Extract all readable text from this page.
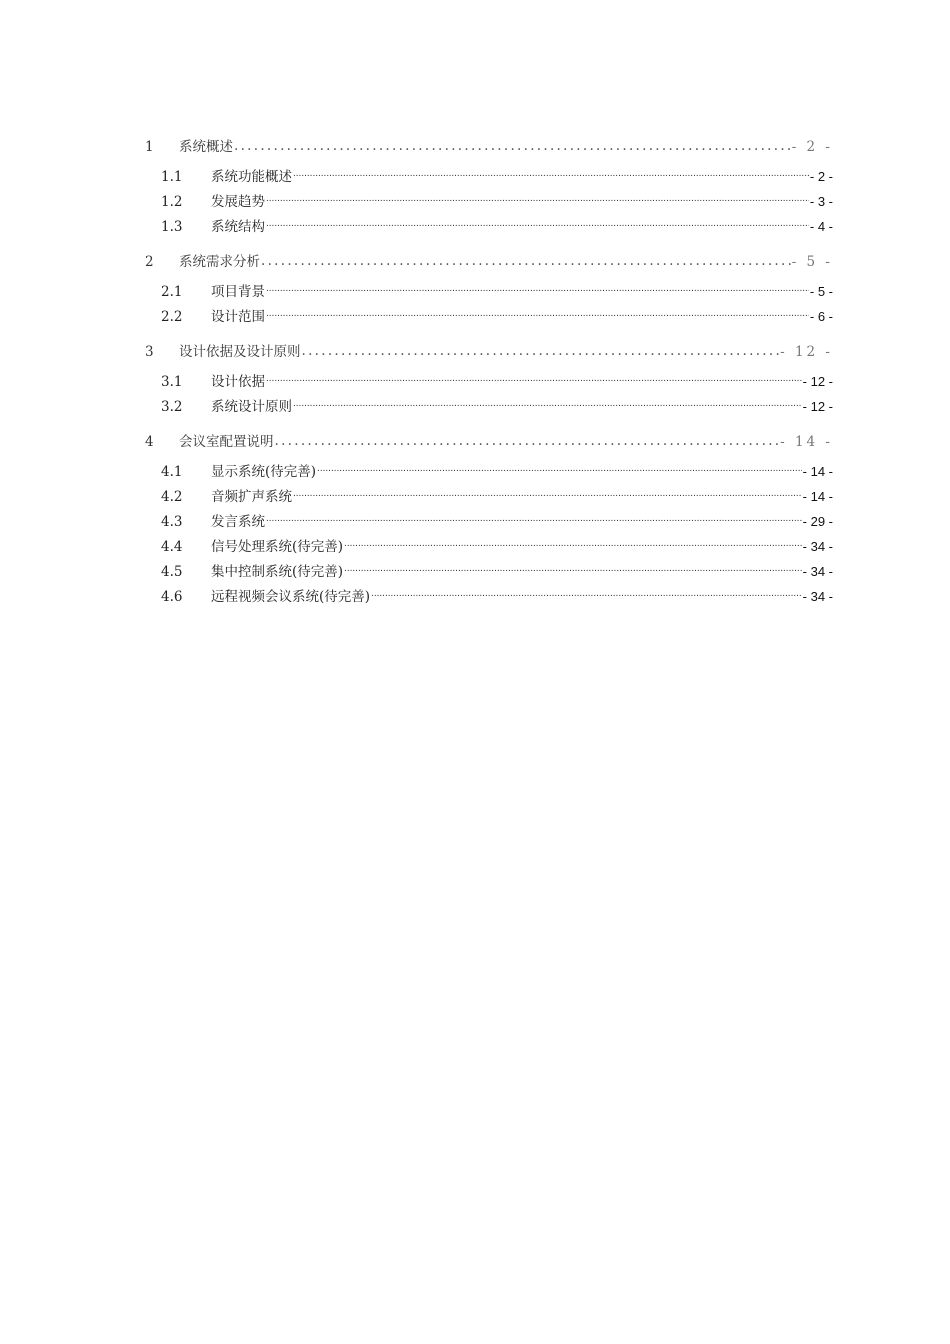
1	系统概述 . . .	- 2 -
1.1	系统功能概述 .....	- 2 -
1.2	发展趋势 .....	- 3 -
1.3	系统结构 .....	- 4 -
2	系统需求分析 . . .	- 5 -
2.1	项目背景 .....	- 5 -
2.2	设计范围 .....	- 6 -
3	设计依据及设计原则 . . .	- 12 -
3.1	设计依据 .....	- 12 -
3.2	系统设计原则 .....	- 12 -
4	会议室配置说明 . . .	- 14 -
4.1	显示系统(待完善) .....	- 14 -
4.2	音频扩声系统 .....	- 14 -
4.3	发言系统 .....	- 29 -
4.4	信号处理系统(待完善) .....	- 34 -
4.5	集中控制系统(待完善) .....	- 34 -
4.6	远程视频会议系统(待完善) .....	- 34 -
